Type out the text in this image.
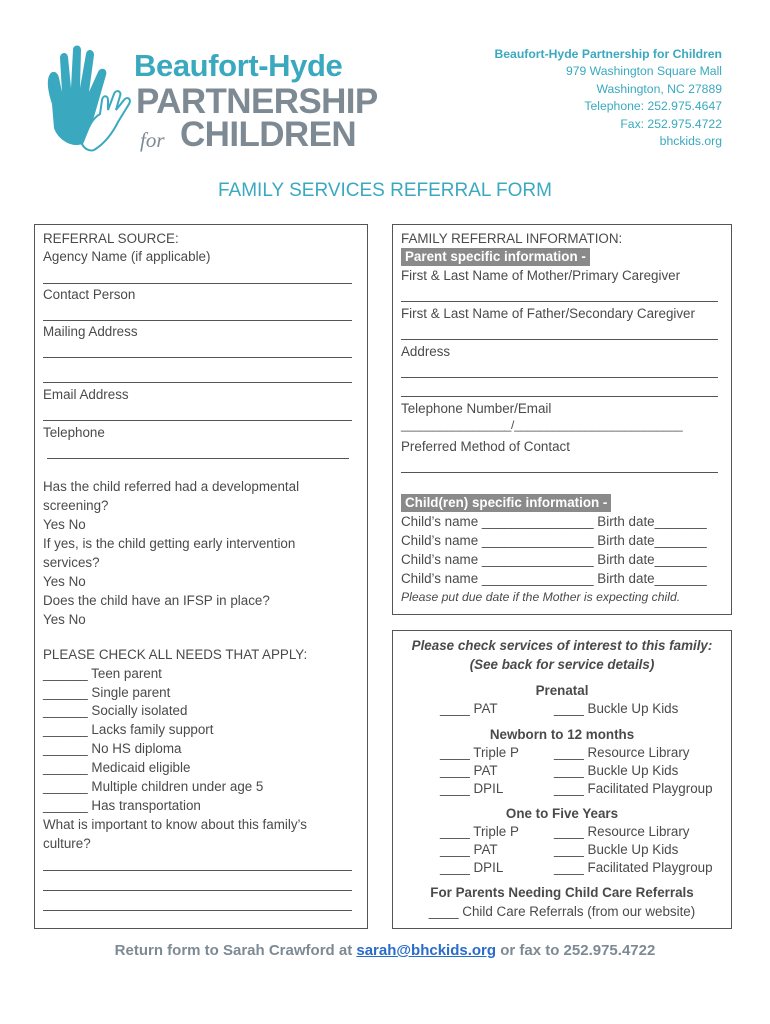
Beaufort-Hyde
PARTNERSHIP
for CHILDREN
Beaufort-Hyde Partnership for Children
979 Washington Square Mall
Washington, NC 27889
Telephone: 252.975.4647
Fax: 252.975.4722
bhckids.org
FAMILY SERVICES REFERRAL FORM
REFERRAL SOURCE:
Agency Name (if applicable)
Contact Person
Mailing Address
Email Address
Telephone
Has the child referred had a developmental
screening?
Yes No
If yes, is the child getting early intervention
services?
Yes No
Does the child have an IFSP in place?
Yes No
PLEASE CHECK ALL NEEDS THAT APPLY:
______ Teen parent
______ Single parent
______ Socially isolated
______ Lacks family support
______ No HS diploma
______ Medicaid eligible
______ Multiple children under age 5
______ Has transportation
What is important to know about this family’s
culture?
FAMILY REFERRAL INFORMATION:
Parent specific information -
First & Last Name of Mother/Primary Caregiver
First & Last Name of Father/Secondary Caregiver
Address
Telephone Number/Email
_________________/__________________________
Preferred Method of Contact
Child(ren) specific information -
Child’s name _______________ Birth date_______
Child’s name _______________ Birth date_______
Child’s name _______________ Birth date_______
Child’s name _______________ Birth date_______
Please put due date if the Mother is expecting child.
Please check services of interest to this family:
(See back for service details)
Prenatal
____ PAT	____ Buckle Up Kids
Newborn to 12 months
____ Triple P	____ Resource Library
____ PAT	____ Buckle Up Kids
____ DPIL	____ Facilitated Playgroup
One to Five Years
____ Triple P	____ Resource Library
____ PAT	____ Buckle Up Kids
____ DPIL	____ Facilitated Playgroup
For Parents Needing Child Care Referrals
____ Child Care Referrals (from our website)
Return form to Sarah Crawford at sarah@bhckids.org or fax to 252.975.4722
